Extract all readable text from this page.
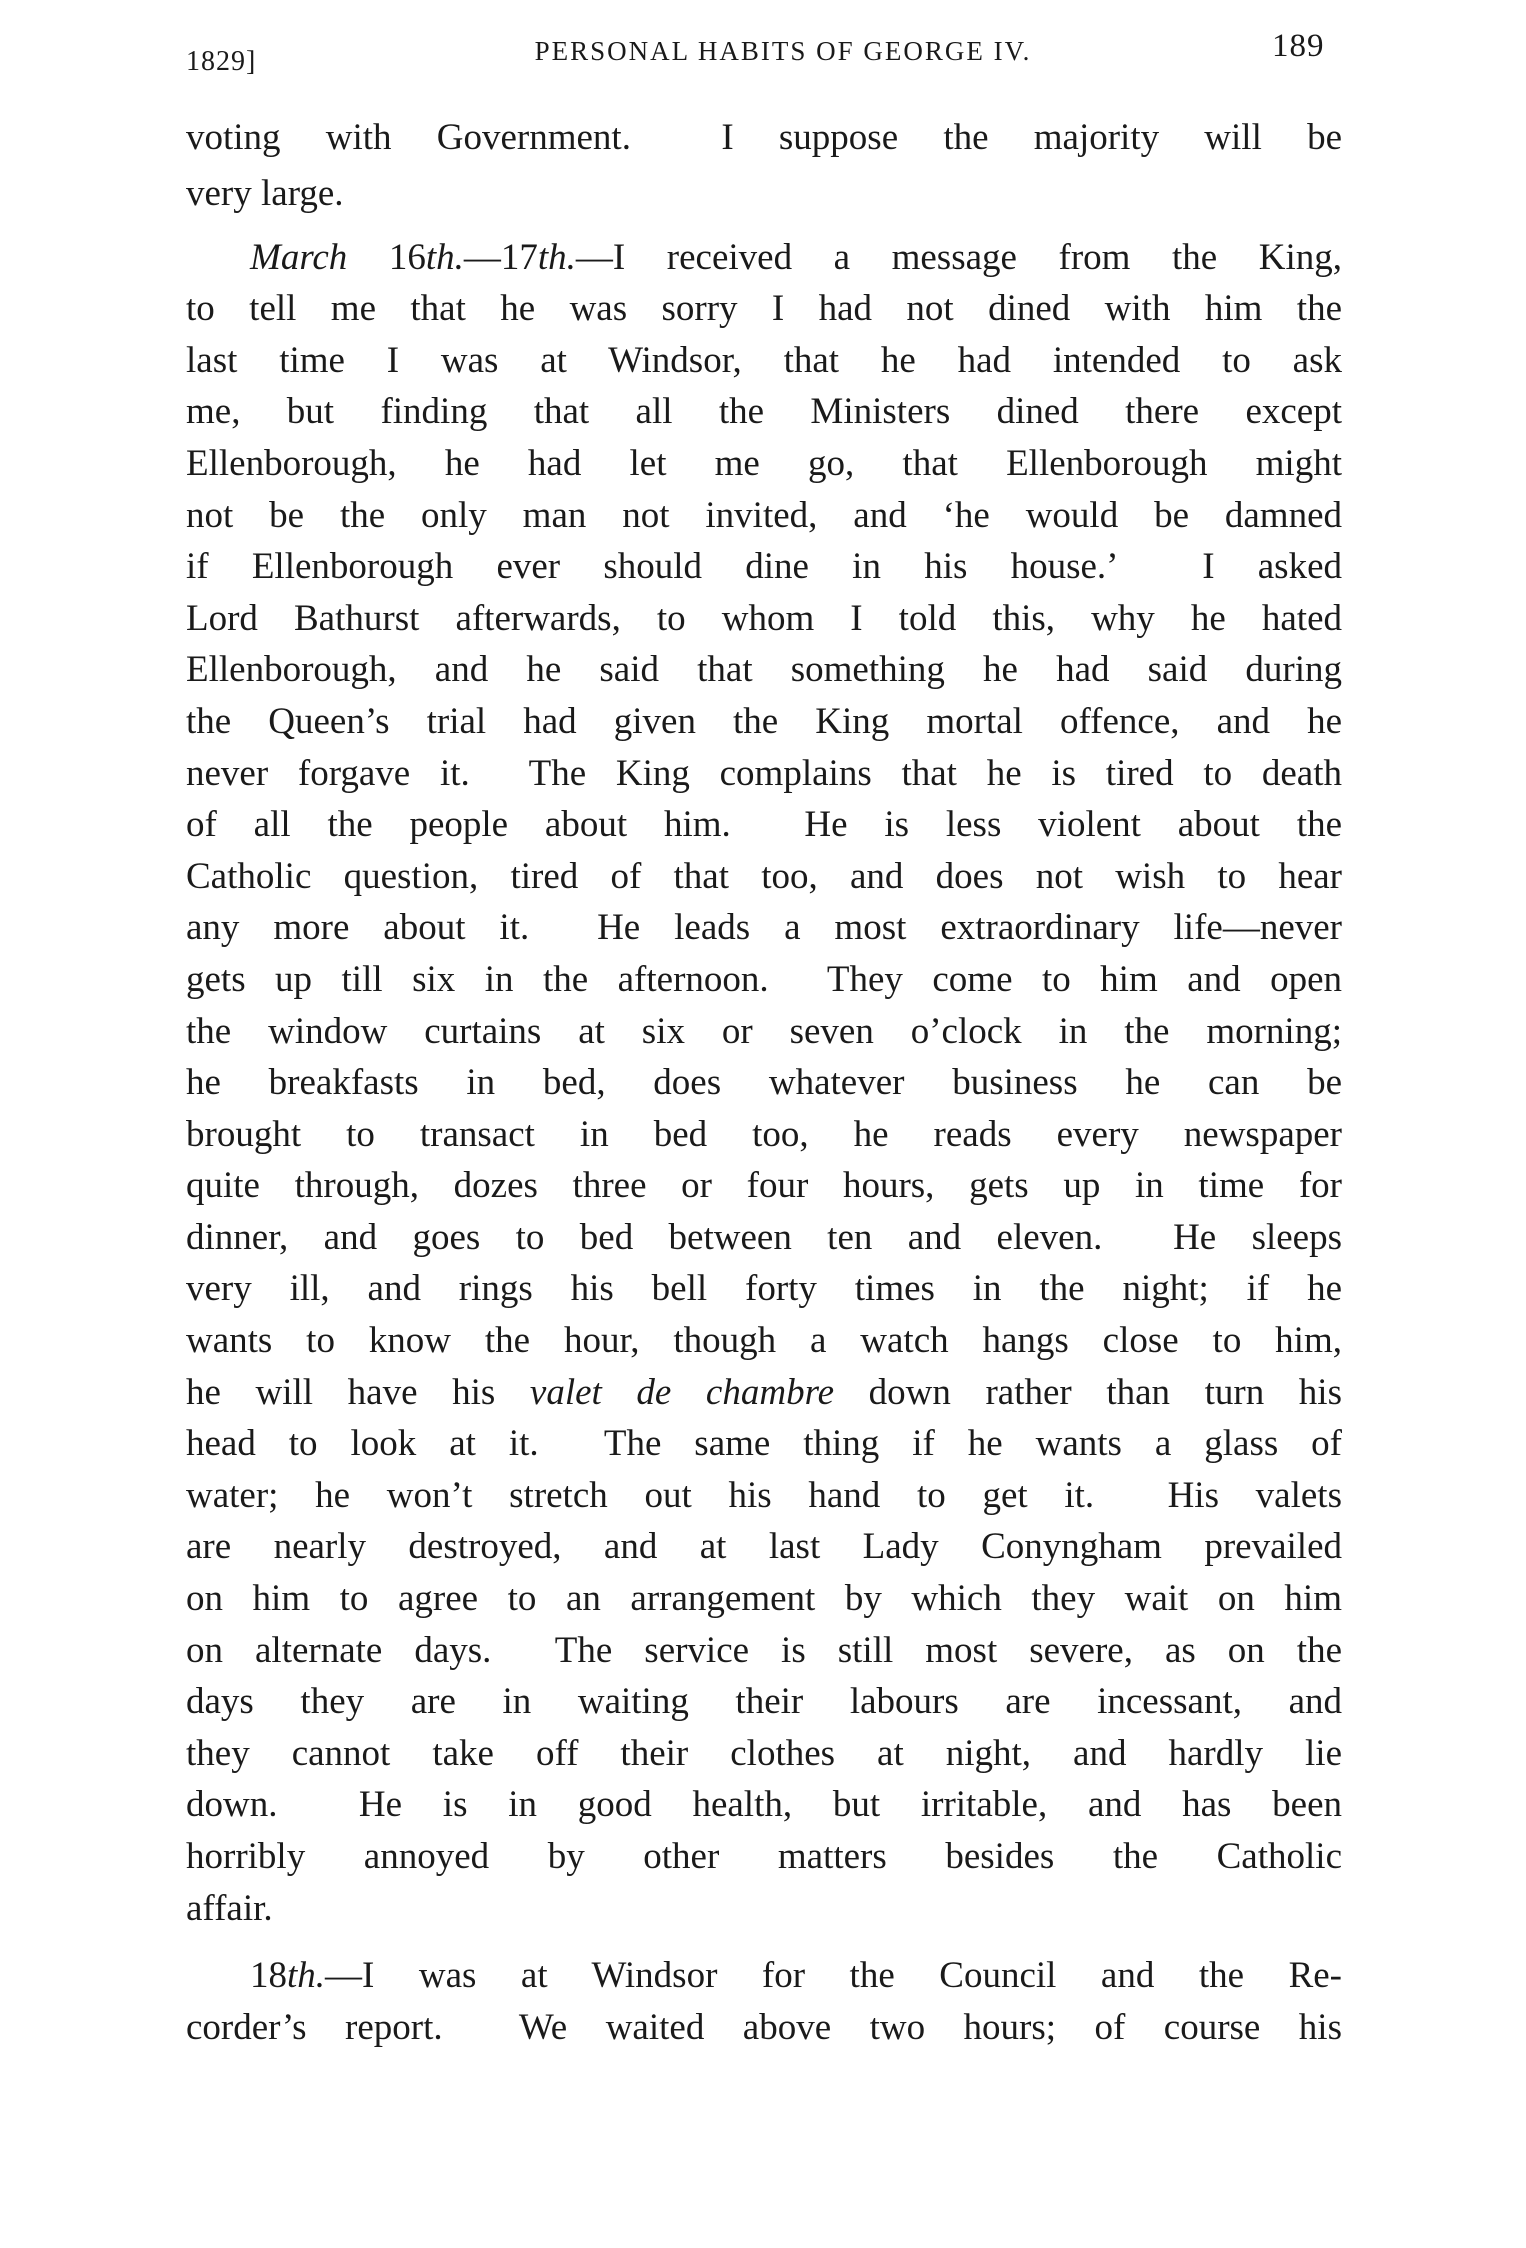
1829]	PERSONAL HABITS OF GEORGE IV.	189
voting with Government.  I suppose the majority will be
very large.
March 16th.—17th.—I received a message from the King,
to tell me that he was sorry I had not dined with him the
last time I was at Windsor, that he had intended to ask
me, but finding that all the Ministers dined there except
Ellenborough, he had let me go, that Ellenborough might
not be the only man not invited, and ‘he would be damned
if Ellenborough ever should dine in his house.’  I asked
Lord Bathurst afterwards, to whom I told this, why he hated
Ellenborough, and he said that something he had said during
the Queen’s trial had given the King mortal offence, and he
never forgave it.  The King complains that he is tired to death
of all the people about him.  He is less violent about the
Catholic question, tired of that too, and does not wish to hear
any more about it.  He leads a most extraordinary life—never
gets up till six in the afternoon.  They come to him and open
the window curtains at six or seven o’clock in the morning;
he breakfasts in bed, does whatever business he can be
brought to transact in bed too, he reads every newspaper
quite through, dozes three or four hours, gets up in time for
dinner, and goes to bed between ten and eleven.  He sleeps
very ill, and rings his bell forty times in the night; if he
wants to know the hour, though a watch hangs close to him,
he will have his valet de chambre down rather than turn his
head to look at it.  The same thing if he wants a glass of
water; he won’t stretch out his hand to get it.  His valets
are nearly destroyed, and at last Lady Conyngham prevailed
on him to agree to an arrangement by which they wait on him
on alternate days.  The service is still most severe, as on the
days they are in waiting their labours are incessant, and
they cannot take off their clothes at night, and hardly lie
down.  He is in good health, but irritable, and has been
horribly annoyed by other matters besides the Catholic
affair.
18th.—I was at Windsor for the Council and the Re-
corder’s report.  We waited above two hours; of course his
